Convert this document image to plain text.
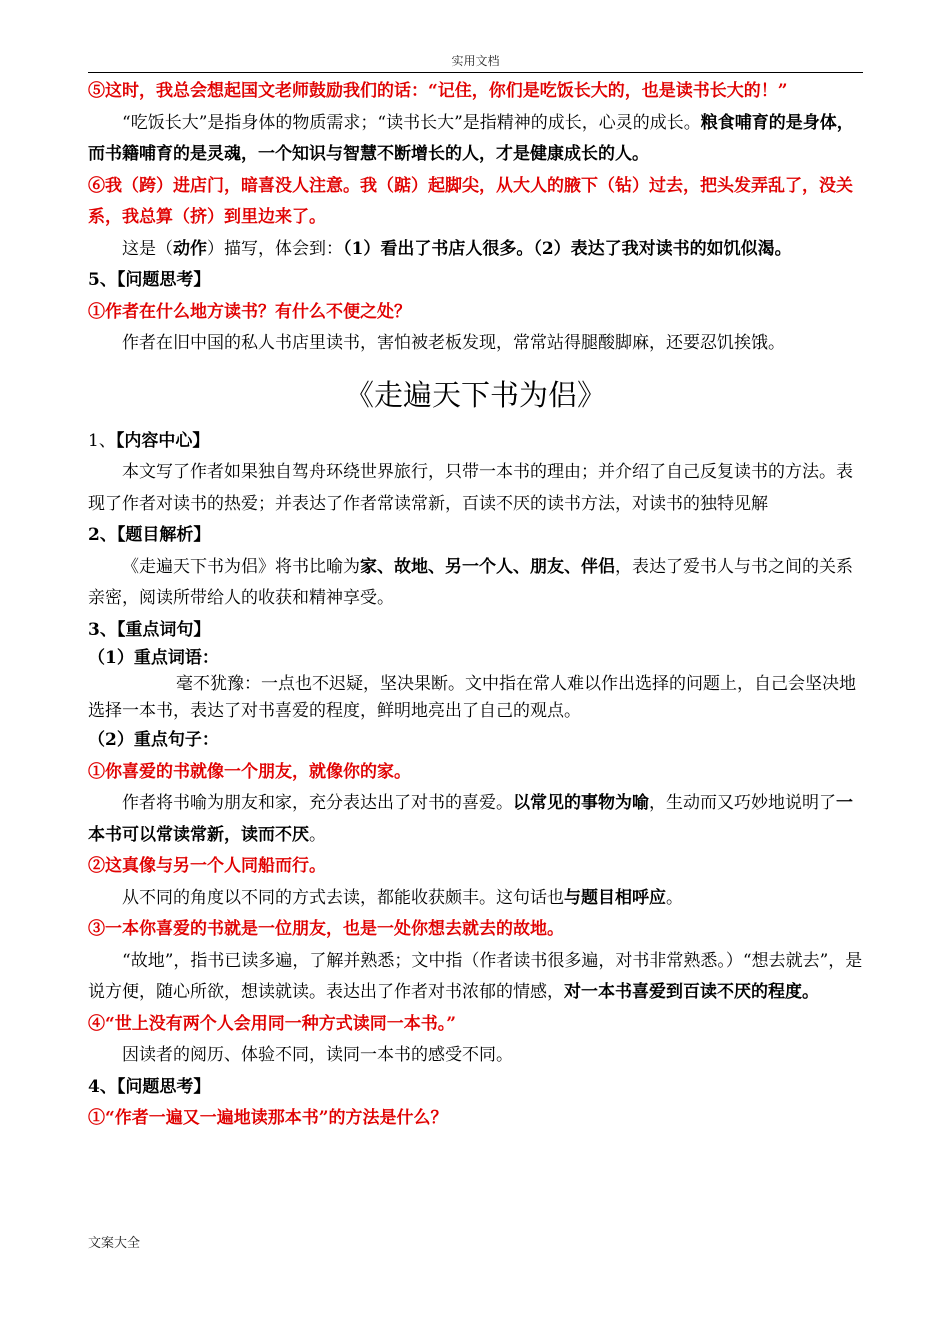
实用文档

⑤这时，我总会想起国文老师鼓励我们的话：“记住，你们是吃饭长大的，也是读书长大的！”

“吃饭长大”是指身体的物质需求；“读书长大”是指精神的成长，心灵的成长。粮食哺育的是身体，而书籍哺育的是灵魂，一个知识与智慧不断增长的人，才是健康成长的人。

⑥我（跨）进店门，暗喜没人注意。我（踮）起脚尖，从大人的腋下（钻）过去，把头发弄乱了，没关系，我总算（挤）到里边来了。

这是（动作）描写，体会到：（1）看出了书店人很多。（2）表达了我对读书的如饥似渴。

5、【问题思考】

①作者在什么地方读书？有什么不便之处？

作者在旧中国的私人书店里读书，害怕被老板发现，常常站得腿酸脚麻，还要忍饥挨饿。

《走遍天下书为侣》

1、【内容中心】

本文写了作者如果独自驾舟环绕世界旅行，只带一本书的理由；并介绍了自己反复读书的方法。表现了作者对读书的热爱；并表达了作者常读常新，百读不厌的读书方法，对读书的独特见解

2、【题目解析】

《走遍天下书为侣》将书比喻为家、故地、另一个人、朋友、伴侣，表达了爱书人与书之间的关系亲密，阅读所带给人的收获和精神享受。

3、【重点词句】

（1）重点词语：

毫不犹豫：一点也不迟疑，坚决果断。文中指在常人难以作出选择的问题上，自己会坚决地选择一本书，表达了对书喜爱的程度，鲜明地亮出了自己的观点。

（2）重点句子：

①你喜爱的书就像一个朋友，就像你的家。

作者将书喻为朋友和家，充分表达出了对书的喜爱。以常见的事物为喻，生动而又巧妙地说明了一本书可以常读常新，读而不厌。

②这真像与另一个人同船而行。

从不同的角度以不同的方式去读，都能收获颇丰。这句话也与题目相呼应。

③一本你喜爱的书就是一位朋友，也是一处你想去就去的故地。

“故地”，指书已读多遍，了解并熟悉；文中指（作者读书很多遍，对书非常熟悉。）“想去就去”，是说方便，随心所欲，想读就读。表达出了作者对书浓郁的情感，对一本书喜爱到百读不厌的程度。

④“世上没有两个人会用同一种方式读同一本书。”

因读者的阅历、体验不同，读同一本书的感受不同。

4、【问题思考】

①“作者一遍又一遍地读那本书”的方法是什么？

文案大全
